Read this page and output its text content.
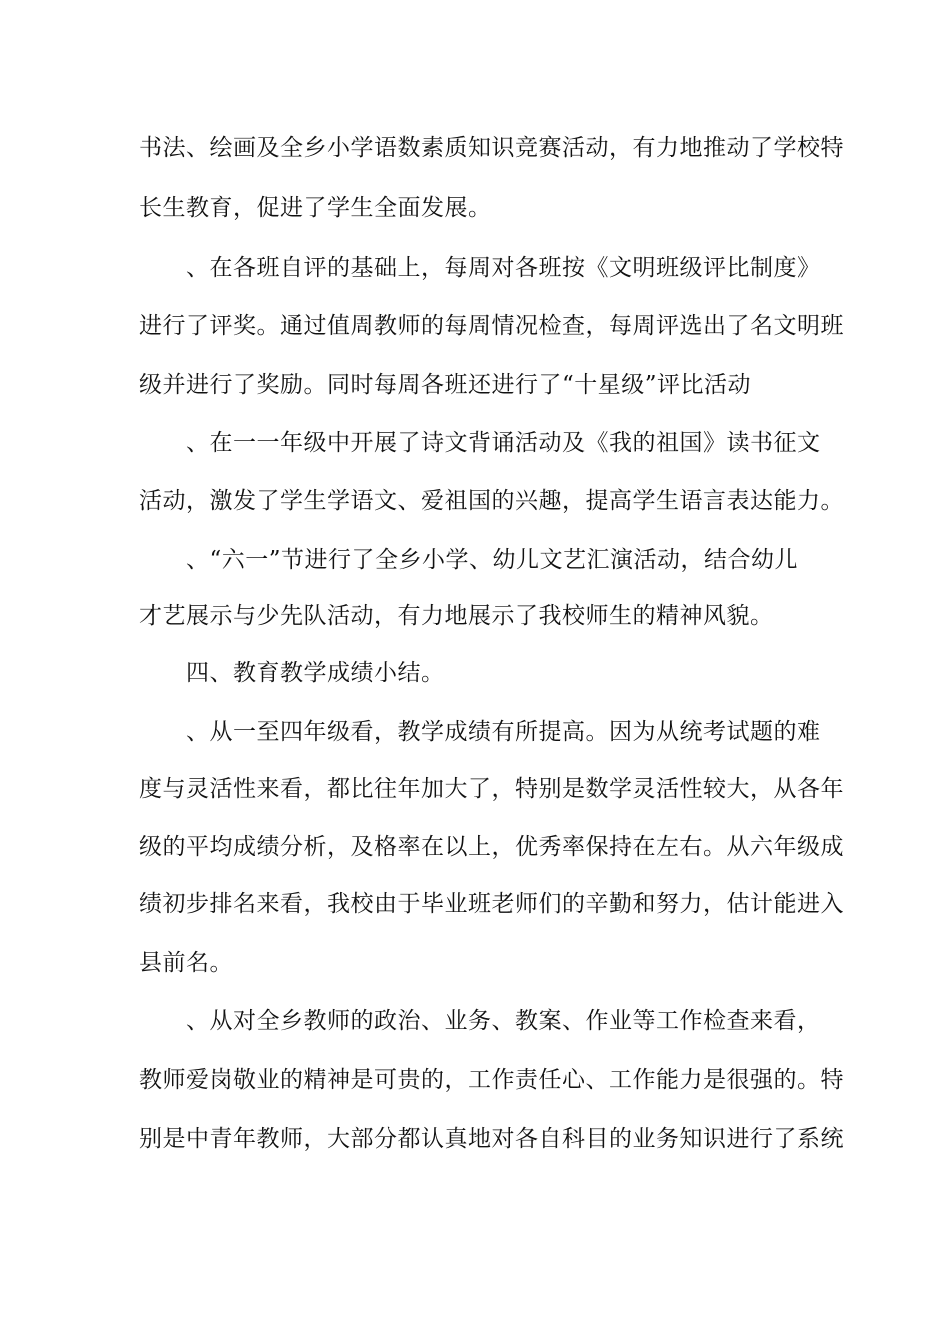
书法、绘画及全乡小学语数素质知识竞赛活动，有力地推动了学校特
长生教育，促进了学生全面发展。
、在各班自评的基础上，每周对各班按《文明班级评比制度》
进行了评奖。通过值周教师的每周情况检查，每周评选出了名文明班
级并进行了奖励。同时每周各班还进行了“十星级”评比活动
、在一一年级中开展了诗文背诵活动及《我的祖国》读书征文
活动，激发了学生学语文、爱祖国的兴趣，提高学生语言表达能力。
、“六一”节进行了全乡小学、幼儿文艺汇演活动，结合幼儿
才艺展示与少先队活动，有力地展示了我校师生的精神风貌。
四、教育教学成绩小结。
、从一至四年级看，教学成绩有所提高。因为从统考试题的难
度与灵活性来看，都比往年加大了，特别是数学灵活性较大，从各年
级的平均成绩分析，及格率在以上，优秀率保持在左右。从六年级成
绩初步排名来看，我校由于毕业班老师们的辛勤和努力，估计能进入
县前名。
、从对全乡教师的政治、业务、教案、作业等工作检查来看，
教师爱岗敬业的精神是可贵的，工作责任心、工作能力是很强的。特
别是中青年教师，大部分都认真地对各自科目的业务知识进行了系统
